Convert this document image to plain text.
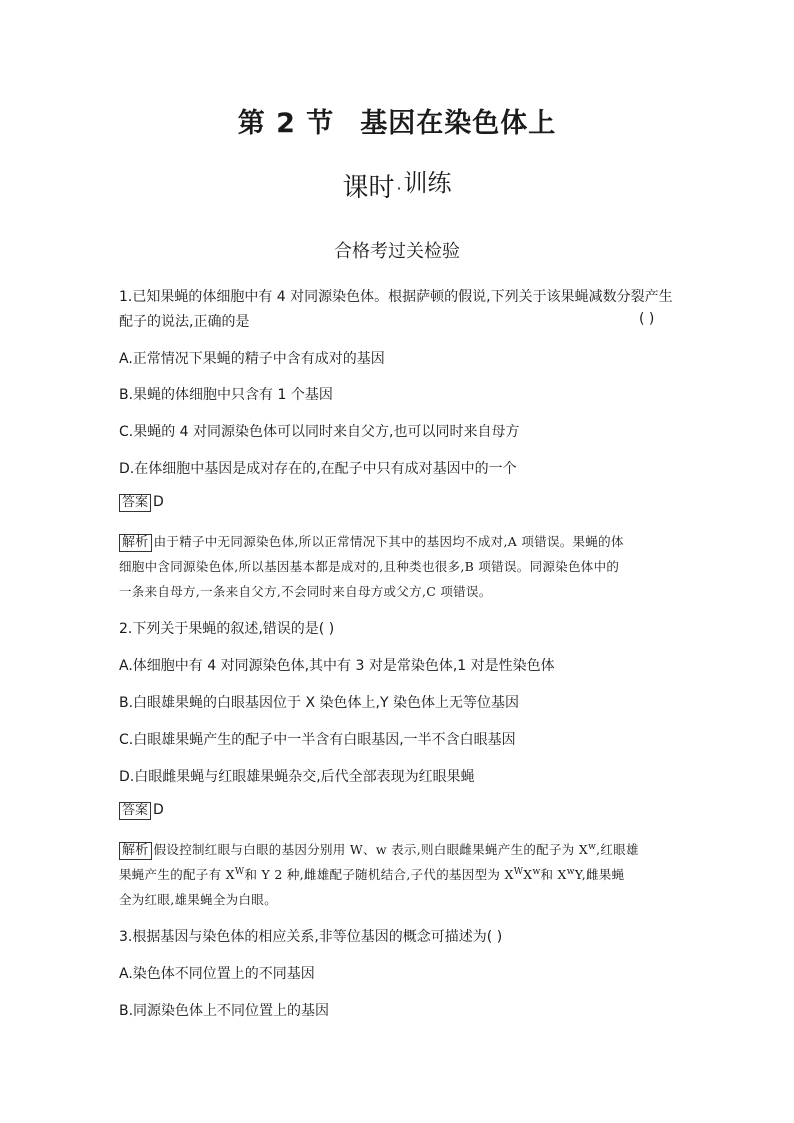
第 2 节 基因在染色体上
课时 ·训练
合格考过关检验
1.已知果蝇的体细胞中有 4 对同源染色体。根据萨顿的假说,下列关于该果蝇减数分裂产生
配子的说法,正确的是	( )
A.正常情况下果蝇的精子中含有成对的基因
B.果蝇的体细胞中只含有 1 个基因
C.果蝇的 4 对同源染色体可以同时来自父方,也可以同时来自母方
D.在体细胞中基因是成对存在的,在配子中只有成对基因中的一个
答案 D
解析 由于精子中无同源染色体,所以正常情况下其中的基因均不成对,A 项错误。果蝇的体
细胞中含同源染色体,所以基因基本都是成对的,且种类也很多,B 项错误。同源染色体中的
一条来自母方,一条来自父方,不会同时来自母方或父方,C 项错误。
2.下列关于果蝇的叙述,错误的是( )
A.体细胞中有 4 对同源染色体,其中有 3 对是常染色体,1 对是性染色体
B.白眼雄果蝇的白眼基因位于 X 染色体上,Y 染色体上无等位基因
C.白眼雄果蝇产生的配子中一半含有白眼基因,一半不含白眼基因
D.白眼雌果蝇与红眼雄果蝇杂交,后代全部表现为红眼果蝇
答案 D
解析 假设控制红眼与白眼的基因分别用 W、w 表示,则白眼雌果蝇产生的配子为 $X^w$,红眼雄
果蝇产生的配子有 $X^W$和 Y 2 种,雌雄配子随机结合,子代的基因型为 $X^WX^w$和 $X^wY$,雌果蝇
全为红眼,雄果蝇全为白眼。
3.根据基因与染色体的相应关系,非等位基因的概念可描述为( )
A.染色体不同位置上的不同基因
B.同源染色体上不同位置上的基因
